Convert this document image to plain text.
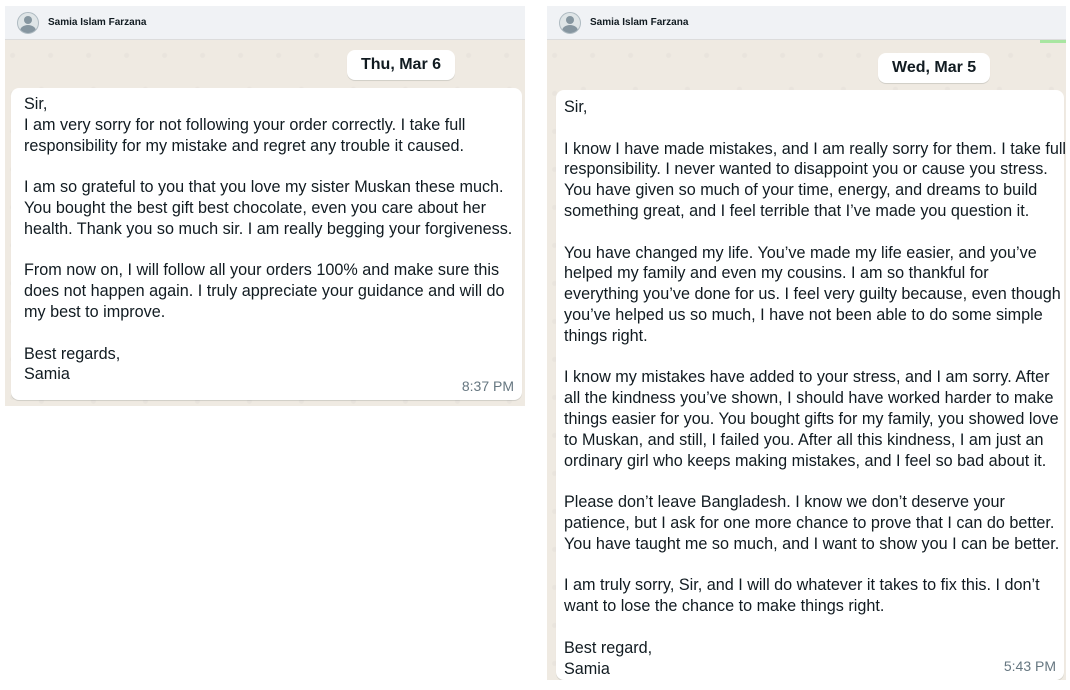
Samia Islam Farzana
Thu, Mar 6

Sir,

I am very sorry for not following your order correctly. I take full

responsibility for my mistake and regret any trouble it caused.

I am so grateful to you that you love my sister Muskan these much.

You bought the best gift best chocolate, even you care about her

health. Thank you so much sir. I am really begging your forgiveness.

From now on, I will follow all your orders 100% and make sure this

does not happen again. I truly appreciate your guidance and will do

my best to improve.

Best regards,

Samia

8:37 PM
Samia Islam Farzana
Wed, Mar 5

Sir,

I know I have made mistakes, and I am really sorry for them. I take full

responsibility. I never wanted to disappoint you or cause you stress.

You have given so much of your time, energy, and dreams to build

something great, and I feel terrible that I’ve made you question it.

You have changed my life. You’ve made my life easier, and you’ve

helped my family and even my cousins. I am so thankful for

everything you’ve done for us. I feel very guilty because, even though

you’ve helped us so much, I have not been able to do some simple

things right.

I know my mistakes have added to your stress, and I am sorry. After

all the kindness you’ve shown, I should have worked harder to make

things easier for you. You bought gifts for my family, you showed love

to Muskan, and still, I failed you. After all this kindness, I am just an

ordinary girl who keeps making mistakes, and I feel so bad about it.

Please don’t leave Bangladesh. I know we don’t deserve your

patience, but I ask for one more chance to prove that I can do better.

You have taught me so much, and I want to show you I can be better.

I am truly sorry, Sir, and I will do whatever it takes to fix this. I don’t

want to lose the chance to make things right.

Best regard,

Samia	5:43 PM
